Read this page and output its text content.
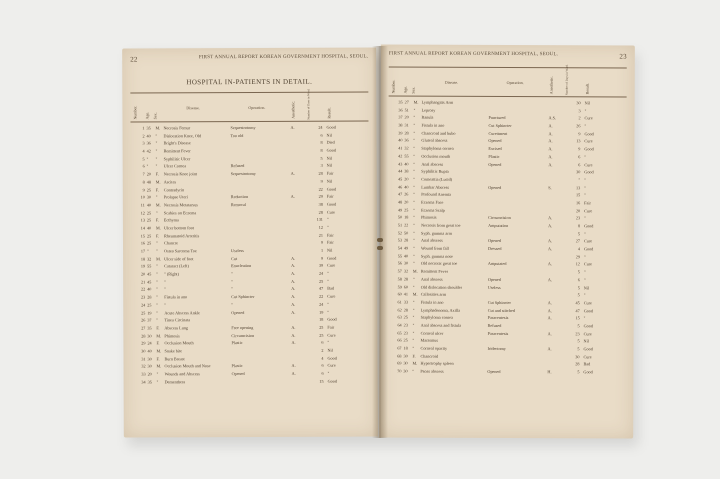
22	FIRST ANNUAL REPORT KOREAN GOVERNMENT HOSPITAL, SEOUL.
HOSPITAL IN-PATIENTS IN DETAIL.
Number. Age. Sex.
Disease.	Operation.	Anesthetic.	Number of Days in Ward.	Result.
1 35	M. Necrosis Femur	Sequestrotomy	A.	24 Good
2 40	"	Dislocation Knee, Old	Too old	6 Nil
3 36	"	Bright's Disease	8 Died
4 42	"	Remittent Fever	8 Good
5 "	"	Syphilitic Ulcer	5 Nil
6 "	"	Ulcer Cornea	Refused	3 Nil
7 20	F.	Necrosis Knee joint	Sequestrotomy	A.	28 Fair
8 48	M. Ascites	9 Nil
9 25	F.	Contradyrin	22 Good
10 30	"	Prolapse Uteri	Reduction	A.	29 Fair
11 40	M. Necrosis Metatarsus	Removal	38 Good
12 25	"	Scabies on Eczema	28 Cure
13 25	F.	Ecthyma	131 "
14 40	M. Ulcer bottom foot	12 "
15 25	F.	Rheumatoid Arteritis	21 Fair
16 25	"	Chancre	9 Fair
17 "	"	Osteo Sarcoma Toe	Useless	1 Nil
18 32	M. Ulcer side of foot	Cut	A.	9 Good
19 55	"	Cataract (Left)	Enucleation	A.	39 Cure
20 45	"	" (Right)	"	A.	24 "
21 45	"	"	"	A.	25 "
22 40	"	"	"	A.	47 Bad
23 28	"	Fistula in ano	Cut Sphincter	A.	22 Cure
24 25	"	"	"	A.	24 "
25 19	"	Acute Abscess Ankle	Opened	A.	19 "
26 37	"	Tinea Circinata	18 Good
27 35	F.	Abscess Lung	Free opening	A.	25 Fair
28 30	M. Phimosis	Circumcision	A.	25 Cure
29 24	F.	Occlusion Mouth	Plastic	A.	6 "
30 40	M. Snake bite	2 Nil
31 30	F.	Burn Breast	4 Good
32 30	M. Occlusion Mouth and Nose	Plastic	A.	6 Cure
33 20	"	Wounds and Abscess	Opened	A.	6 "
34 35	"	Dementhera	15 Good
FIRST ANNUAL REPORT KOREAN GOVERNMENT HOSPITAL, SEOUL.	23
Number. Age. Sex.
Disease.	Operation.	Anesthetic.	Number of Days in Ward.	Result.
35 27	M. Lymphangitis Arm	30 Nil
36 51	"	Leprosy	3 "
37 20	"	Ranula	Punctured	A.S.	2 Cure
38 31	"	Fistula in ano	Cut Sphincter	A.	26 "
39 28	"	Chancroid and bubo	Curettment	A.	9 Good
40 36	"	Gluteal abscess	Opened	A.	13 Cure
41 32	"	Staphyloma cornea	Excised	A.	9 Good
42 55	"	Occlusion mouth	Plastic	A.	6 "
43 40	"	Anal abscess	Opened	A.	6 Cure
44 38	"	Syphilitic Rupia	30 Good
45 20	"	Comeattia (Lucid)	" "
46 40	"	Lumbar Abscess	Opened	S.	13 "
47 26	"	Profound Anemia	15 "
48 20	"	Eczema Face	16 Fair
49 25	"	Eczema Scalp	20 Cure
50 18	"	Phimosis	Circumcision	A.	23 "
51 22	"	Necrosis from great toe	Amputation	A.	8 Good
52 50	"	Syph. gumma arm	5 "
53 28	"	Anal abscess	Opened	A.	27 Cure
54 49	"	Wound from fall	Dressed	A.	4 Good
55 40	"	Syph. gumma nose	29 "
56 30	"	Old necrotic great toe	Amputated	A.	12 Cure
57 32	M. Remittent Fever	5 "
58 28	"	Anal abscess	Opened	A.	6 "
59 60	"	Old dislocation shoulder	Useless	5 Nil
60 41	M. Callosities arm	5 "
61 33	"	Fistula in ano	Cut Sphincter	A.	45 Cure
62 28	"	Lymphadenoma, Axilla	Cut and stitched	A.	47 Good
63 25	"	Staphyloma cornea	Paracentesis	A.	15 "
64 23	"	Anal abscess and fistula	Refused	5 Good
65 23	"	Corneal ulcer	Paracentesis	A.	23 Cure
66 25	"	Marasmus	5 Nil
67 18	"	Corneal opacity	Iridectomy	A.	5 Good
68 30	F.	Chancroid	30 Cure
69 30	M. Hypertrophy spleen	28 Bad
70 30	"	Psoas abscess	Opened	H.	5 Good
